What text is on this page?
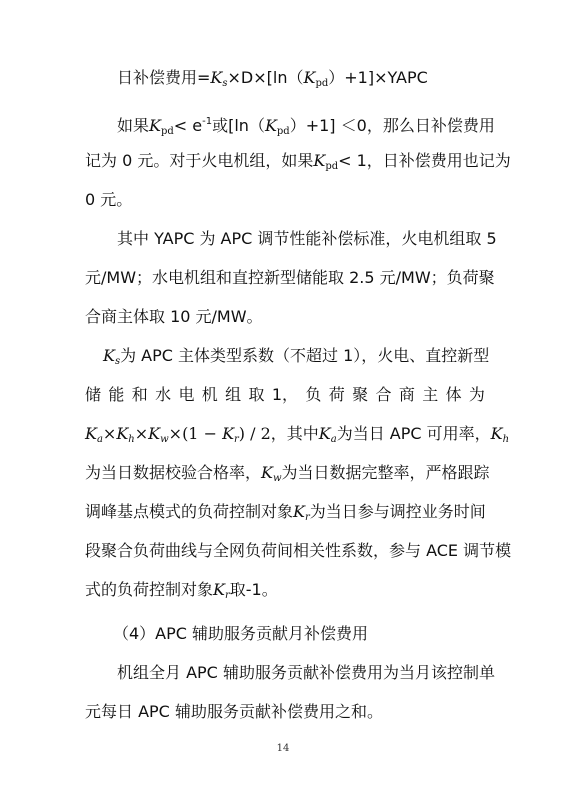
日补偿费用$=K_s\times D\times[\ln(K_{pd})+1]\times YAPC$
如果$K_{pd}< e^{-1}$或$[\ln(K_{pd})+1] <0$，那么日补偿费用
记为 0 元。对于火电机组，如果$K_{pd}< 1$，日补偿费用也记为
0 元。
其中 YAPC 为 APC 调节性能补偿标准，火电机组取 5
元/MW；水电机组和直控新型储能取 2.5 元/MW；负荷聚
合商主体取 10 元/MW。
$K_s$为 APC 主体类型系数（不超过 1），火电、直控新型
储 能 和 水 电 机 组 取 1， 负 荷 聚 合 商 主 体 为
$K_a\times K_h\times K_w\times(1 - K_r) / 2$，其中$K_a$为当日 APC 可用率，$K_h$
为当日数据校验合格率，$K_w$为当日数据完整率，严格跟踪
调峰基点模式的负荷控制对象$K_r$为当日参与调控业务时间
段聚合负荷曲线与全网负荷间相关性系数，参与 ACE 调节模
式的负荷控制对象$K_r$取-1。
（4）APC 辅助服务贡献月补偿费用
机组全月 APC 辅助服务贡献补偿费用为当月该控制单
元每日 APC 辅助服务贡献补偿费用之和。
14
